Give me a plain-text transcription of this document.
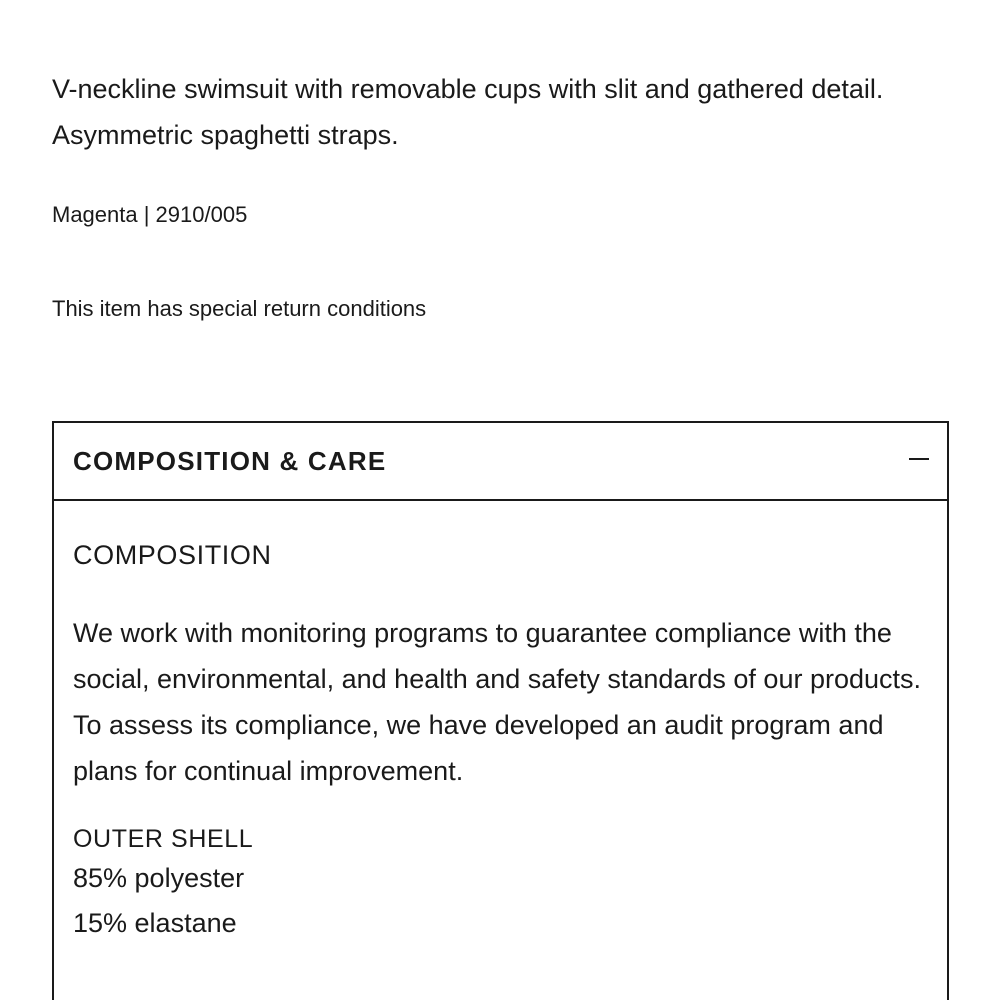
V-neckline swimsuit with removable cups with slit and gathered detail. Asymmetric spaghetti straps.

Magenta | 2910/005

This item has special return conditions
COMPOSITION & CARE
COMPOSITION

We work with monitoring programs to guarantee compliance with the social, environmental, and health and safety standards of our products. To assess its compliance, we have developed an audit program and plans for continual improvement.

OUTER SHELL
85% polyester
15% elastane
